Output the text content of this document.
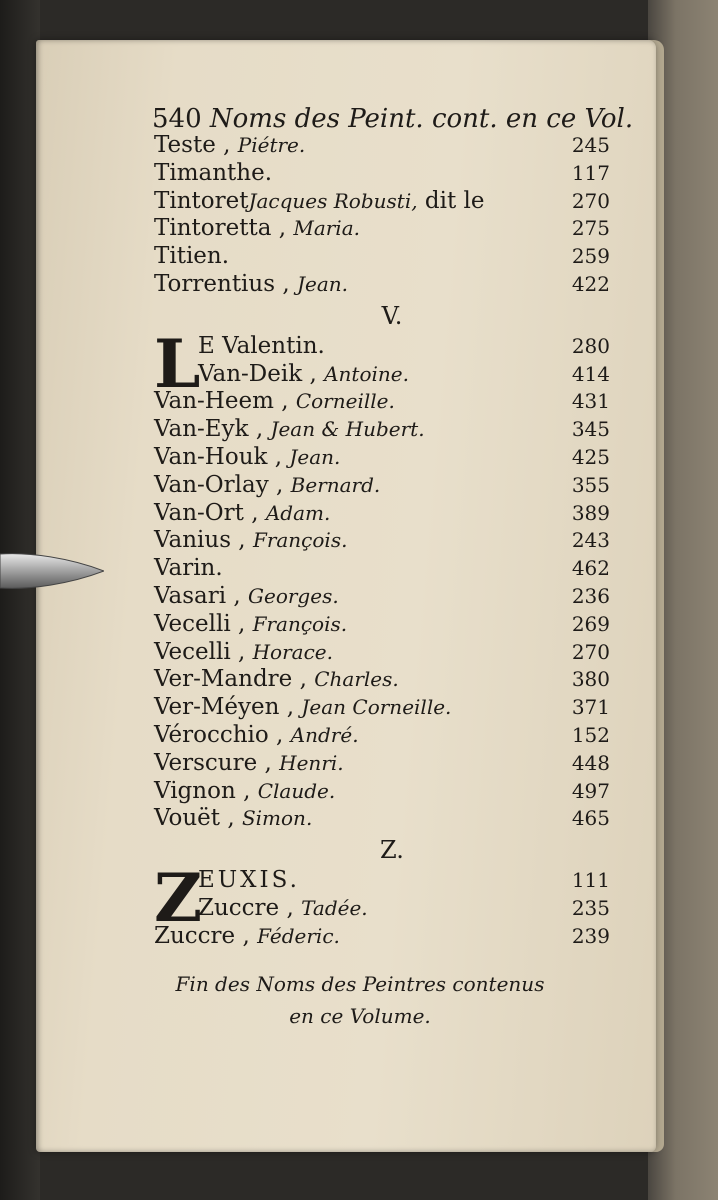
540 Noms des Peint. cont. en ce Vol.
Teste , Piétre.	245
Timanthe.	117
TintoretJacques Robusti, dit le	270
Tintoretta , Maria.	275
Titien.	259
Torrentius , Jean.	422
V.
L
E Valentin.	280
Van-Deik , Antoine.	414
Van-Heem , Corneille.	431
Van-Eyk , Jean & Hubert.	345
Van-Houk , Jean.	425
Van-Orlay , Bernard.	355
Van-Ort , Adam.	389
Vanius , François.	243
Varin.	462
Vasari , Georges.	236
Vecelli , François.	269
Vecelli , Horace.	270
Ver-Mandre , Charles.	380
Ver-Méyen , Jean Corneille.	371
Vérocchio , André.	152
Verscure , Henri.	448
Vignon , Claude.	497
Vouët , Simon.	465
Z.
Z
EUXIS.	111
Zuccre , Tadée.	235
Zuccre , Féderic.	239
Fin des Noms des Peintres contenus
en ce Volume.
